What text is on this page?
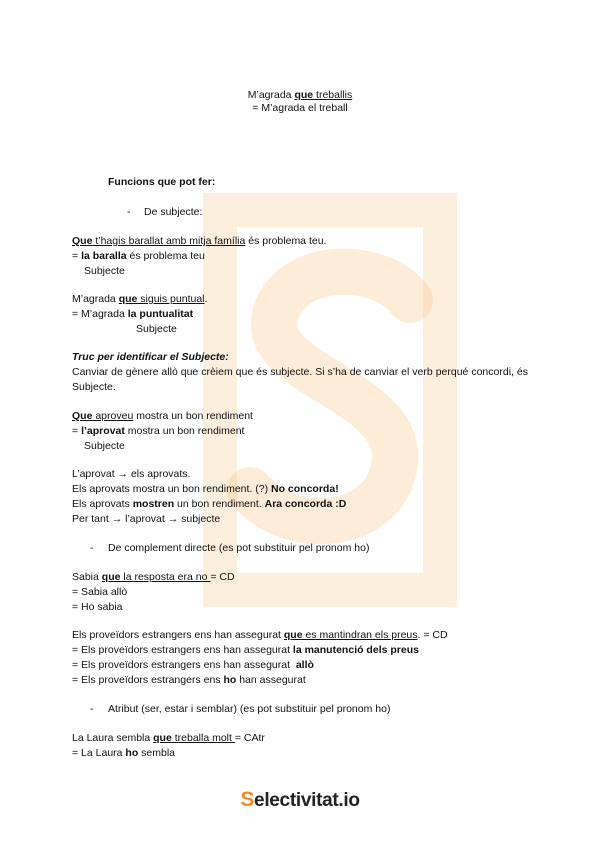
M’agrada que treballis
= M’agrada el treball
Funcions que pot fer:
- De subjecte:
Que t’hagis barallat amb mitja família és problema teu.
= la baralla és problema teu
Subjecte
M’agrada que siguis puntual.
= M’agrada la puntualitat
Subjecte
Truc per identificar el Subjecte:
Canviar de gènere allò que crèiem que és subjecte. Si s’ha de canviar el verb perqué concordi, és Subjecte.
Que aproveu mostra un bon rendiment
= l’aprovat mostra un bon rendiment
Subjecte
L’aprovat → els aprovats.
Els aprovats mostra un bon rendiment. (?) No concorda!
Els aprovats mostren un bon rendiment. Ara concorda :D
Per tant → l’aprovat → subjecte
- De complement directe (es pot substituir pel pronom ho)
Sabia que la resposta era no = CD
= Sabia allò
= Ho sabia
Els proveïdors estrangers ens han assegurat que es mantindran els preus. = CD
= Els proveïdors estrangers ens han assegurat la manutenció dels preus
= Els proveïdors estrangers ens han assegurat  allò
= Els proveïdors estrangers ens ho han assegurat
- Atribut (ser, estar i semblar) (es pot substituir pel pronom ho)
La Laura sembla que treballa molt = CAtr
= La Laura ho sembla
Selectivitat.io
